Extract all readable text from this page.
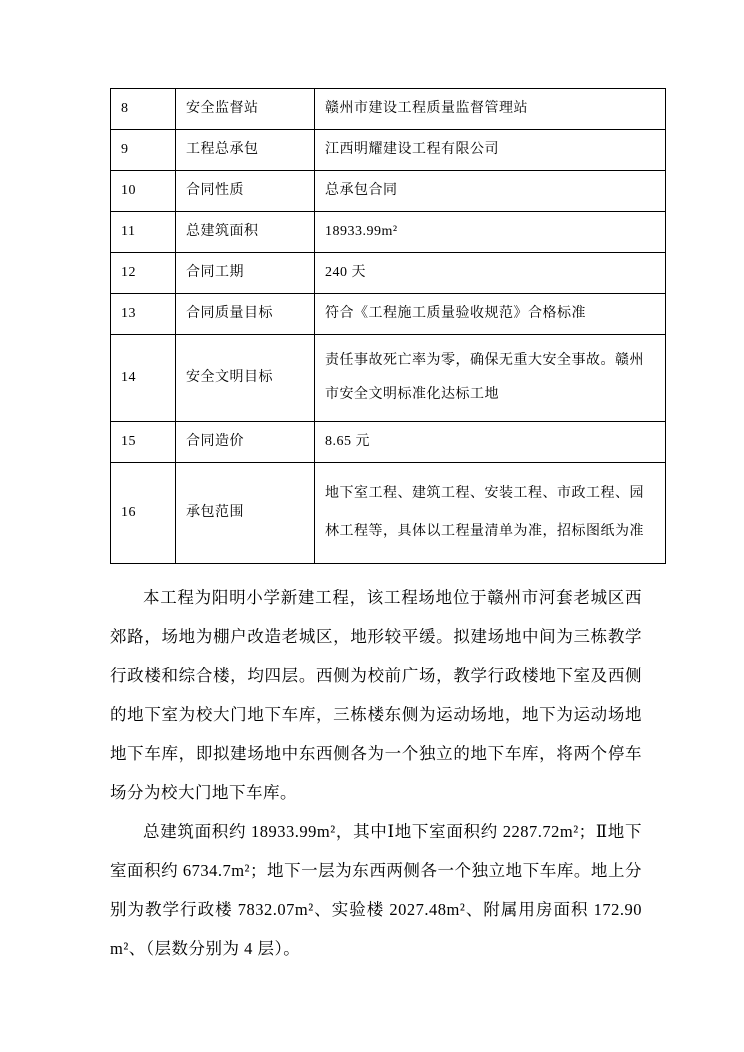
8	安全监督站	赣州市建设工程质量监督管理站
9	工程总承包	江西明耀建设工程有限公司
10	合同性质	总承包合同
11	总建筑面积	18933.99m²
12	合同工期	240 天
13	合同质量目标	符合《工程施工质量验收规范》合格标准
14	安全文明目标	责任事故死亡率为零，确保无重大安全事故。赣州市安全文明标准化达标工地
15	合同造价	8.65 元
16	承包范围	地下室工程、建筑工程、安装工程、市政工程、园林工程等，具体以工程量清单为准，招标图纸为准

本工程为阳明小学新建工程，该工程场地位于赣州市河套老城区西郊路，场地为棚户改造老城区，地形较平缓。拟建场地中间为三栋教学行政楼和综合楼，均四层。西侧为校前广场，教学行政楼地下室及西侧的地下室为校大门地下车库，三栋楼东侧为运动场地，地下为运动场地地下车库，即拟建场地中东西侧各为一个独立的地下车库，将两个停车场分为校大门地下车库。

总建筑面积约 18933.99m²，其中Ⅰ地下室面积约 2287.72m²；Ⅱ地下室面积约 6734.7m²；地下一层为东西两侧各一个独立地下车库。地上分别为教学行政楼 7832.07m²、实验楼 2027.48m²、附属用房面积 172.90m²、（层数分别为 4 层）。
